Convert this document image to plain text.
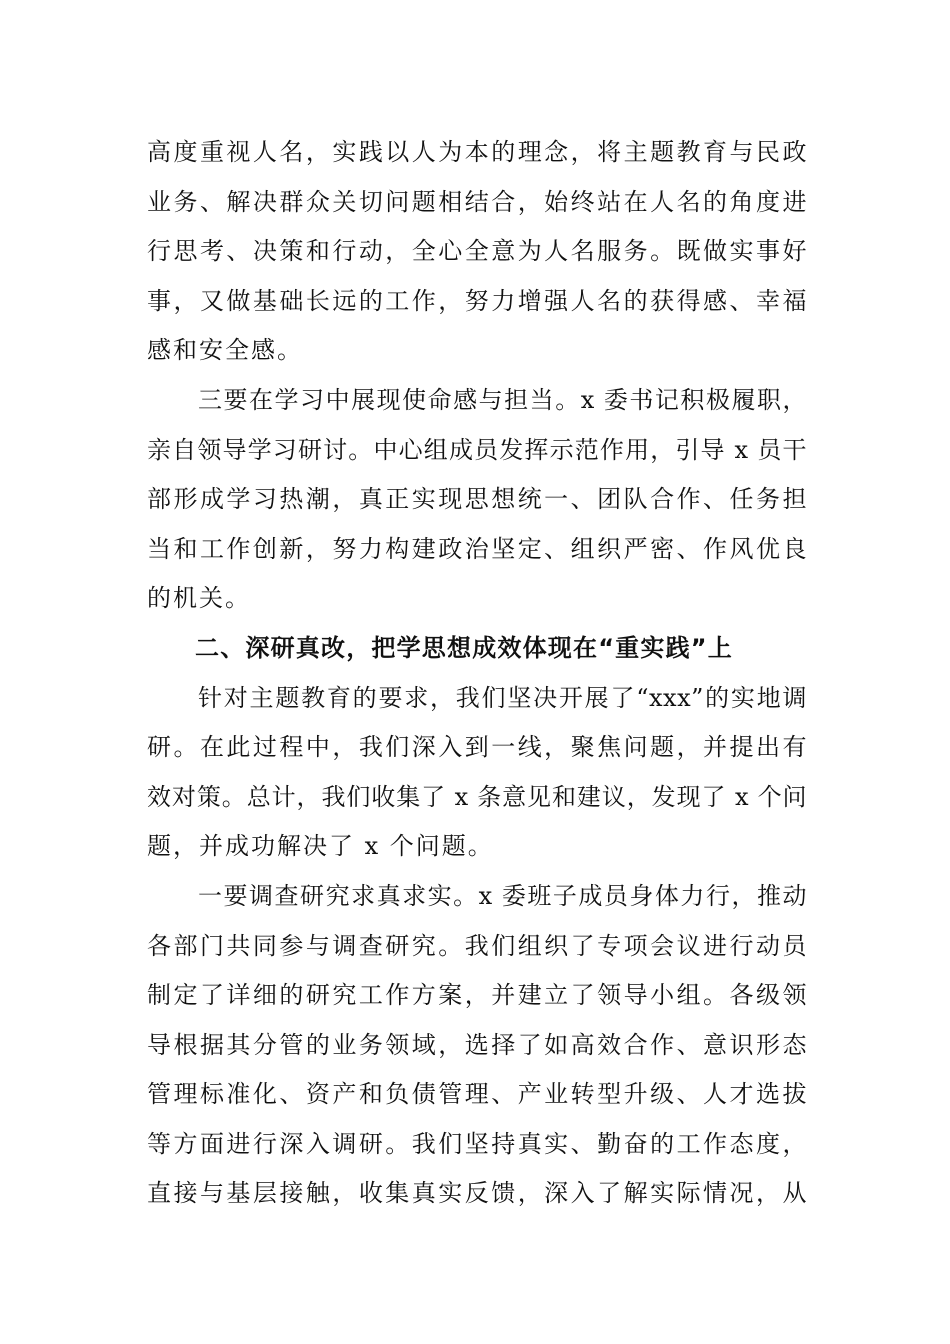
高度重视人名，实践以人为本的理念，将主题教育与民政
业务、解决群众关切问题相结合，始终站在人名的角度进
行思考、决策和行动，全心全意为人名服务。既做实事好
事，又做基础长远的工作，努力增强人名的获得感、幸福
感和安全感。
三要在学习中展现使命感与担当。x 委书记积极履职，
亲自领导学习研讨。中心组成员发挥示范作用，引导 x 员干
部形成学习热潮，真正实现思想统一、团队合作、任务担
当和工作创新，努力构建政治坚定、组织严密、作风优良
的机关。
二、深研真改，把学思想成效体现在“重实践”上
针对主题教育的要求，我们坚决开展了“xxx”的实地调
研。在此过程中，我们深入到一线，聚焦问题，并提出有
效对策。总计，我们收集了 x 条意见和建议，发现了 x 个问
题，并成功解决了 x 个问题。
一要调查研究求真求实。x 委班子成员身体力行，推动
各部门共同参与调查研究。我们组织了专项会议进行动员
制定了详细的研究工作方案，并建立了领导小组。各级领
导根据其分管的业务领域，选择了如高效合作、意识形态
管理标准化、资产和负债管理、产业转型升级、人才选拔
等方面进行深入调研。我们坚持真实、勤奋的工作态度，
直接与基层接触，收集真实反馈，深入了解实际情况，从
